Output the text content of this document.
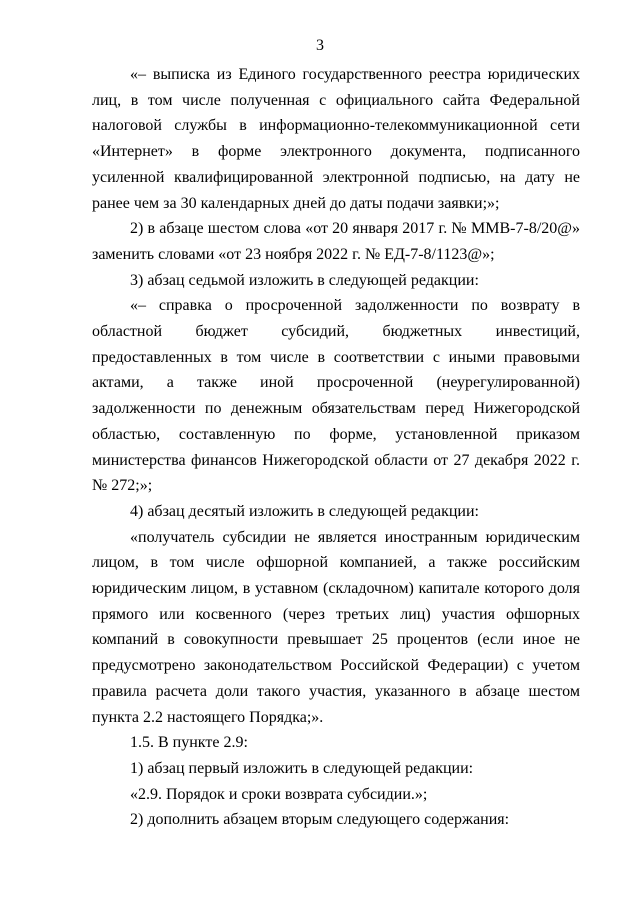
3

«– выписка из Единого государственного реестра юридических лиц, в том числе полученная с официального сайта Федеральной налоговой службы в информационно-телекоммуникационной сети «Интернет» в форме электронного документа, подписанного усиленной квалифицированной электронной подписью, на дату не ранее чем за 30 календарных дней до даты подачи заявки;»;

2) в абзаце шестом слова «от 20 января 2017 г. № ММВ-7-8/20@» заменить словами «от 23 ноября 2022 г. № ЕД-7-8/1123@»;

3) абзац седьмой изложить в следующей редакции:

«– справка о просроченной задолженности по возврату в областной бюджет субсидий, бюджетных инвестиций, предоставленных в том числе в соответствии с иными правовыми актами, а также иной просроченной (неурегулированной) задолженности по денежным обязательствам перед Нижегородской областью, составленную по форме, установленной приказом министерства финансов Нижегородской области от 27 декабря 2022 г. № 272;»;

4) абзац десятый изложить в следующей редакции:

«получатель субсидии не является иностранным юридическим лицом, в том числе офшорной компанией, а также российским юридическим лицом, в уставном (складочном) капитале которого доля прямого или косвенного (через третьих лиц) участия офшорных компаний в совокупности превышает 25 процентов (если иное не предусмотрено законодательством Российской Федерации) с учетом правила расчета доли такого участия, указанного в абзаце шестом пункта 2.2 настоящего Порядка;».

1.5. В пункте 2.9:

1) абзац первый изложить в следующей редакции:

«2.9. Порядок и сроки возврата субсидии.»;

2) дополнить абзацем вторым следующего содержания:
